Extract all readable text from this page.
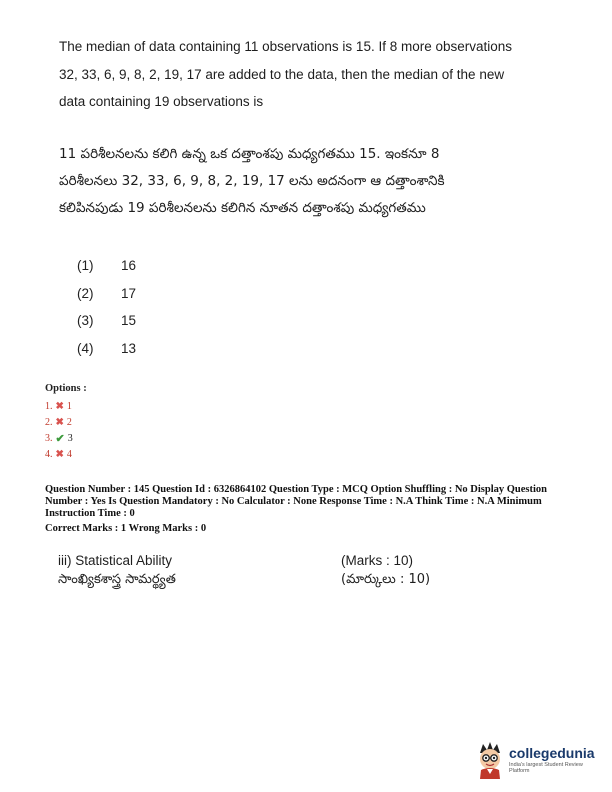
The median of data containing 11 observations is 15. If 8 more observations
32, 33, 6, 9, 8, 2, 19, 17 are added to the data, then the median of the new
data containing 19 observations is
11 పరిశీలనలను కలిగి ఉన్న ఒక దత్తాంశపు మధ్యగతము 15. ఇంకనూ 8
పరిశీలనలు 32, 33, 6, 9, 8, 2, 19, 17 లను అదనంగా ఆ దత్తాంశానికి
కలిపినపుడు 19 పరిశీలనలను కలిగిన నూతన దత్తాంశపు మధ్యగతము
(1)	16
(2)	17
(3)	15
(4)	13
Options :
1. ✖ 1
2. ✖ 2
3. ✔ 3
4. ✖ 4
Question Number : 145 Question Id : 6326864102 Question Type : MCQ Option Shuffling : No Display Question Number : Yes Is Question Mandatory : No Calculator : None Response Time : N.A Think Time : N.A Minimum Instruction Time : 0
Correct Marks : 1 Wrong Marks : 0
iii) Statistical Ability	(Marks : 10)
సాంఖ్యికశాస్త్ర సామర్థ్యత	(మార్కులు : 10)
collegedunia
India's largest Student Review Platform
